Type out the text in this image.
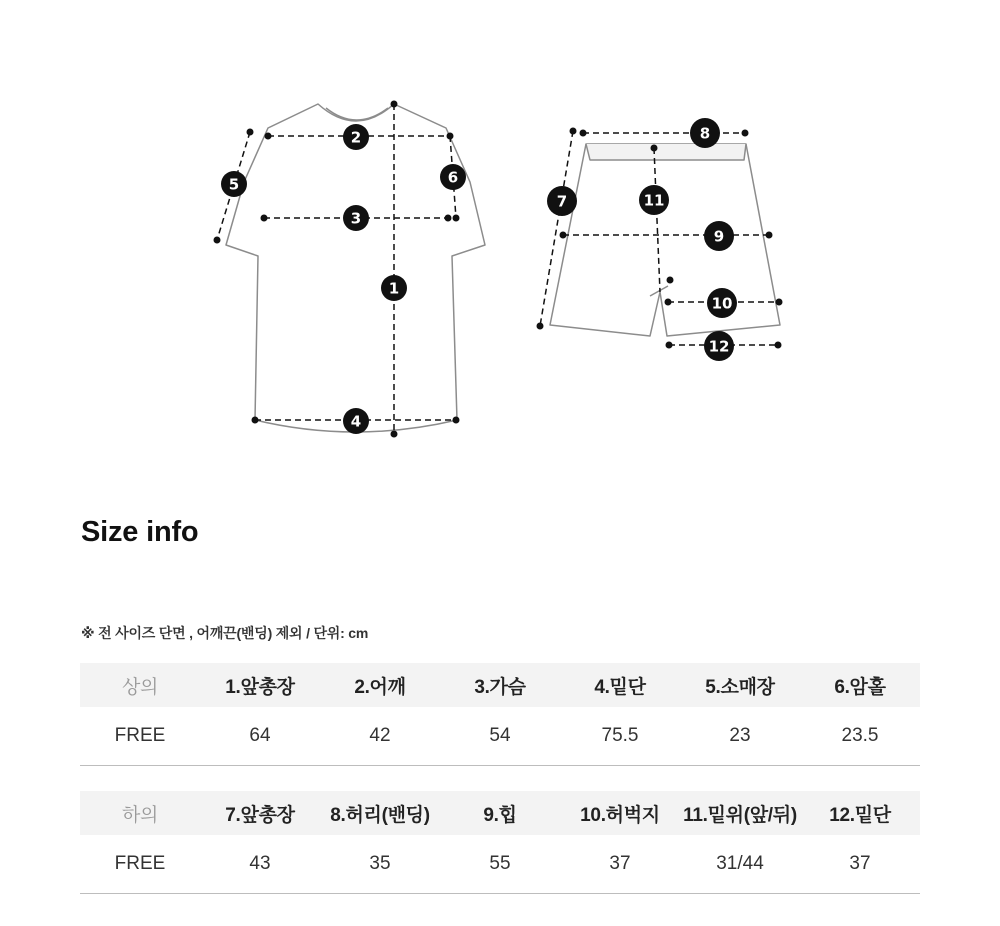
1
2
3
4
5	6
7
8
9
10
11
12
Size info
※ 전 사이즈 단면 , 어깨끈(밴딩) 제외 / 단위: cm
상의	1.앞총장	2.어깨	3.가슴	4.밑단	5.소매장	6.암홀
FREE	64	42	54	75.5	23	23.5
하의	7.앞총장	8.허리(밴딩)	9.힙	10.허벅지	11.밑위(앞/뒤)	12.밑단
FREE	43	35	55	37	31/44	37
